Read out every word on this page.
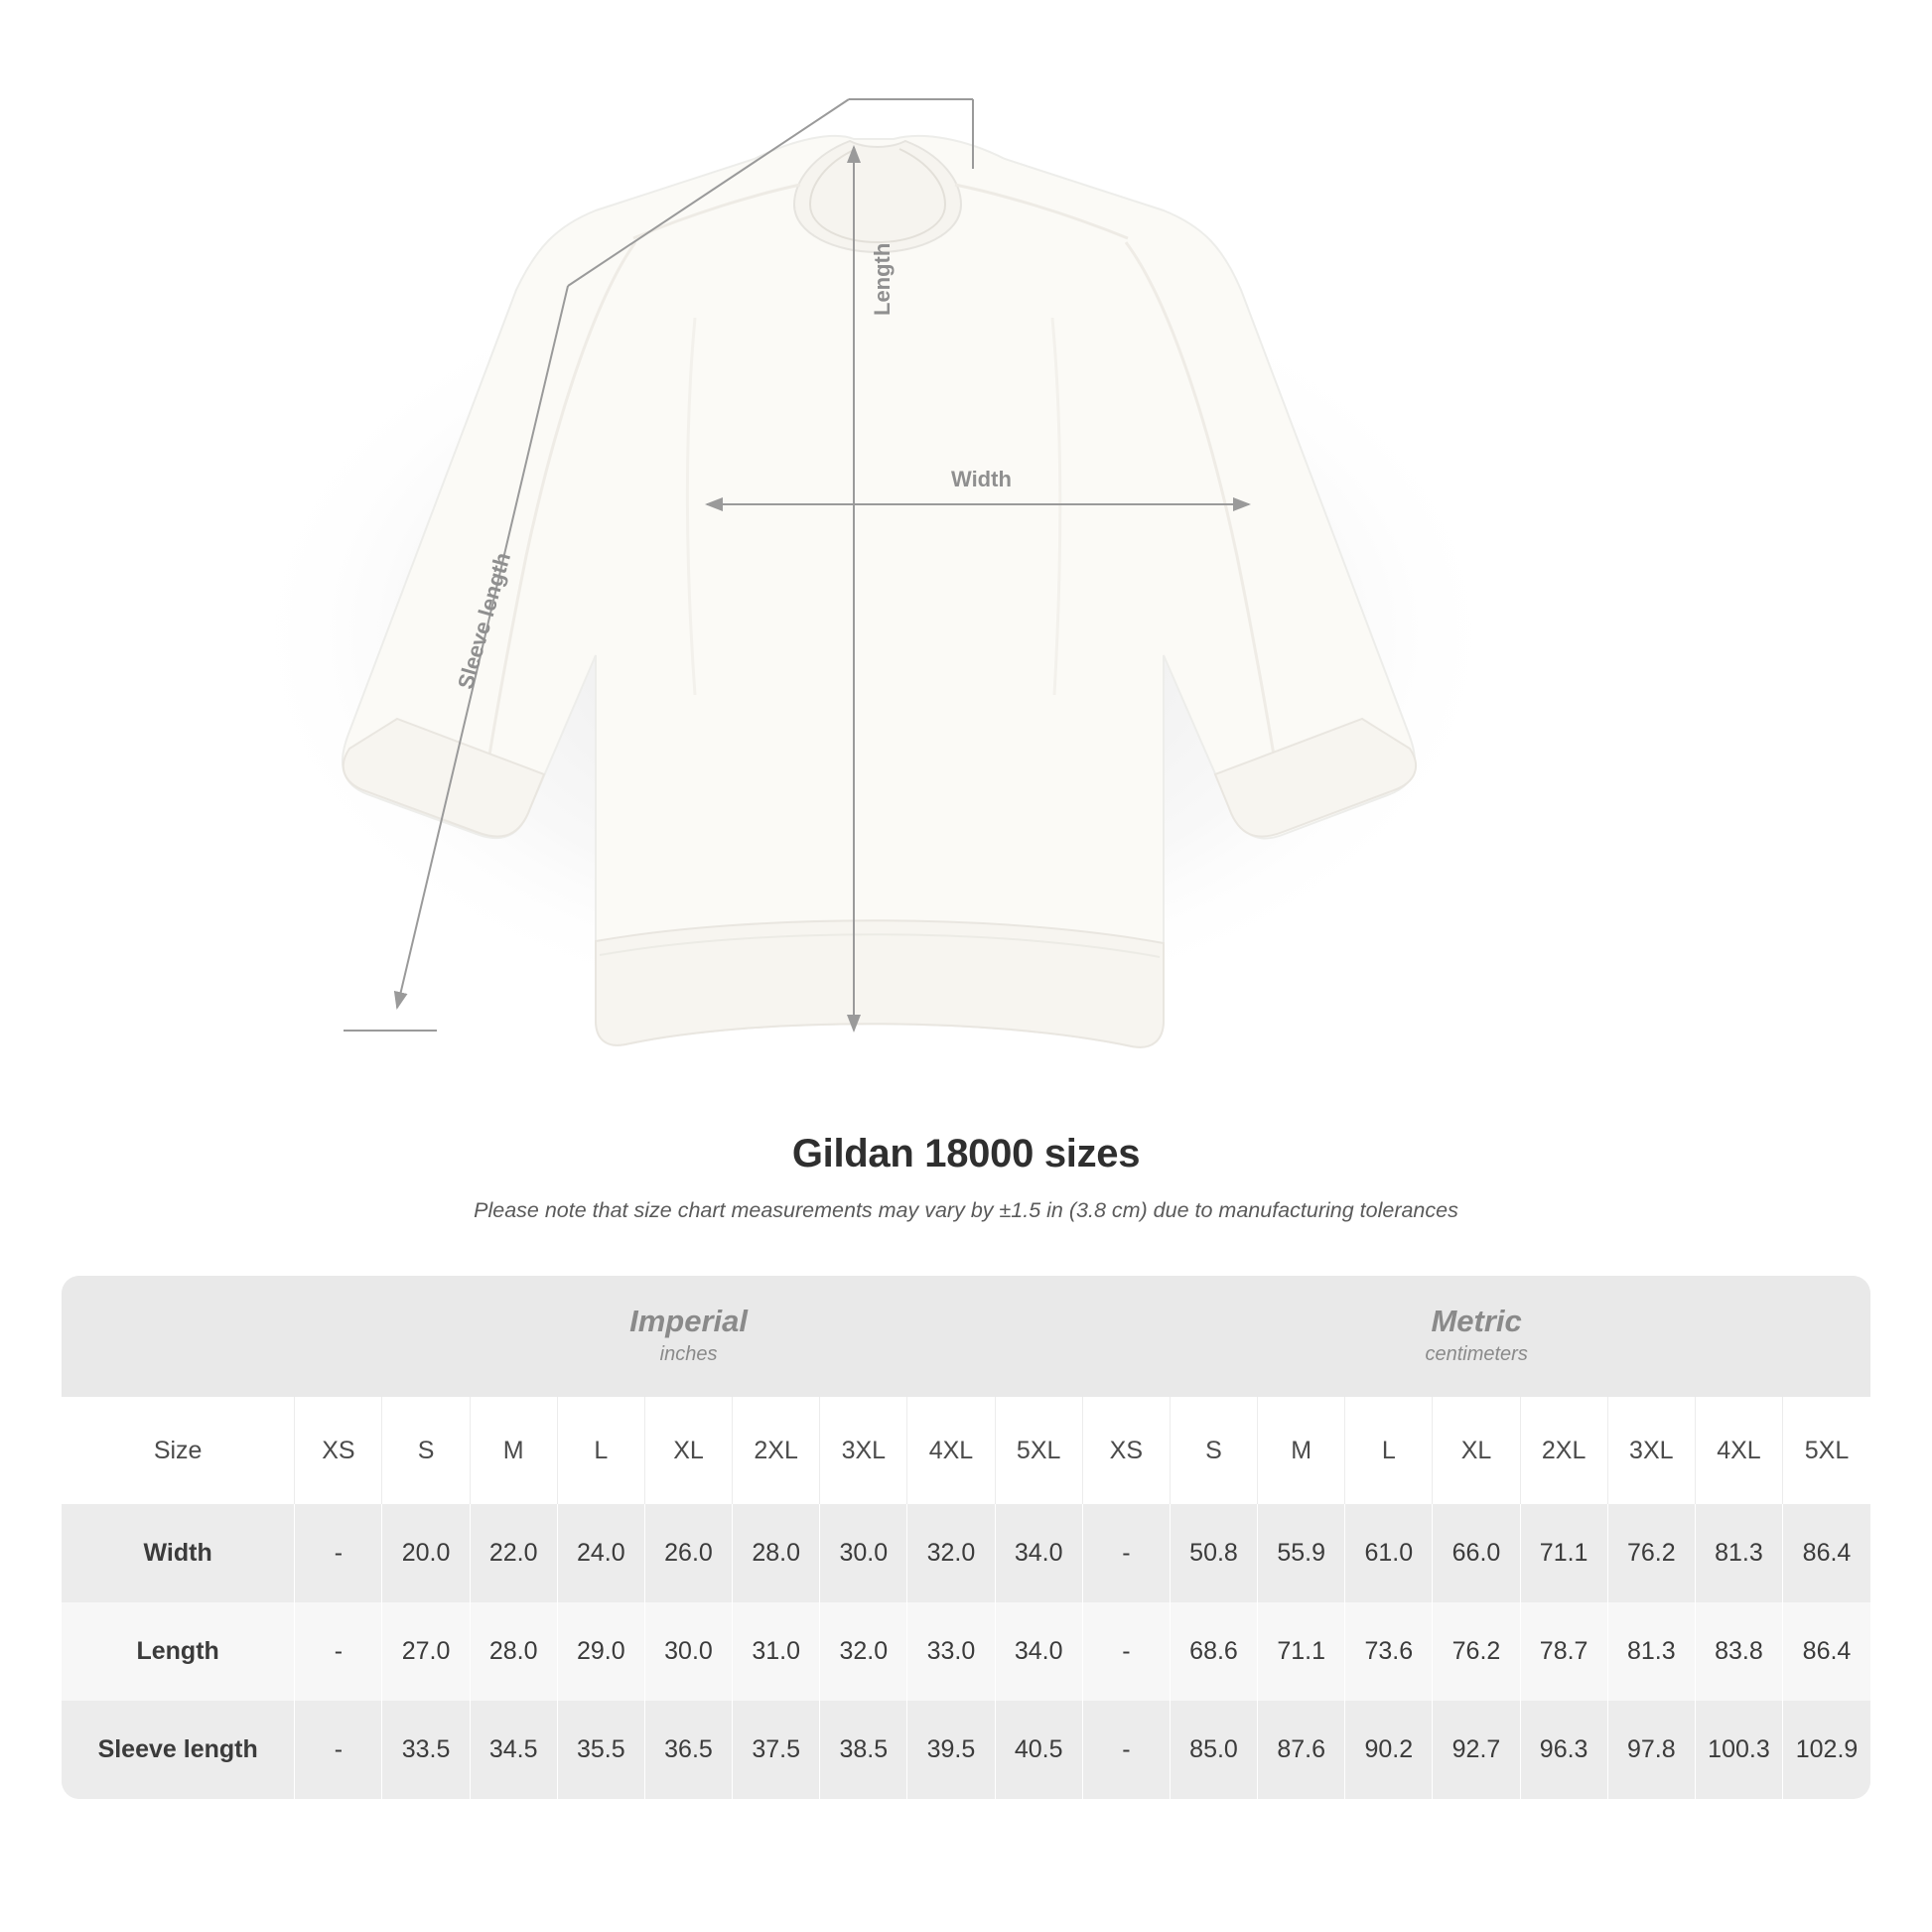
Length
Width
Sleeve length
Gildan 18000 sizes
Please note that size chart measurements may vary by ±1.5 in (3.8 cm) due to manufacturing tolerances

Imperial
inches

Metric
centimeters

Size	XS	S	M	L	XL	2XL	3XL	4XL	5XL	XS	S	M	L	XL	2XL	3XL	4XL	5XL
Width	-	20.0	22.0	24.0	26.0	28.0	30.0	32.0	34.0	-	50.8	55.9	61.0	66.0	71.1	76.2	81.3	86.4
Length	-	27.0	28.0	29.0	30.0	31.0	32.0	33.0	34.0	-	68.6	71.1	73.6	76.2	78.7	81.3	83.8	86.4
Sleeve length	-	33.5	34.5	35.5	36.5	37.5	38.5	39.5	40.5	-	85.0	87.6	90.2	92.7	96.3	97.8	100.3	102.9
